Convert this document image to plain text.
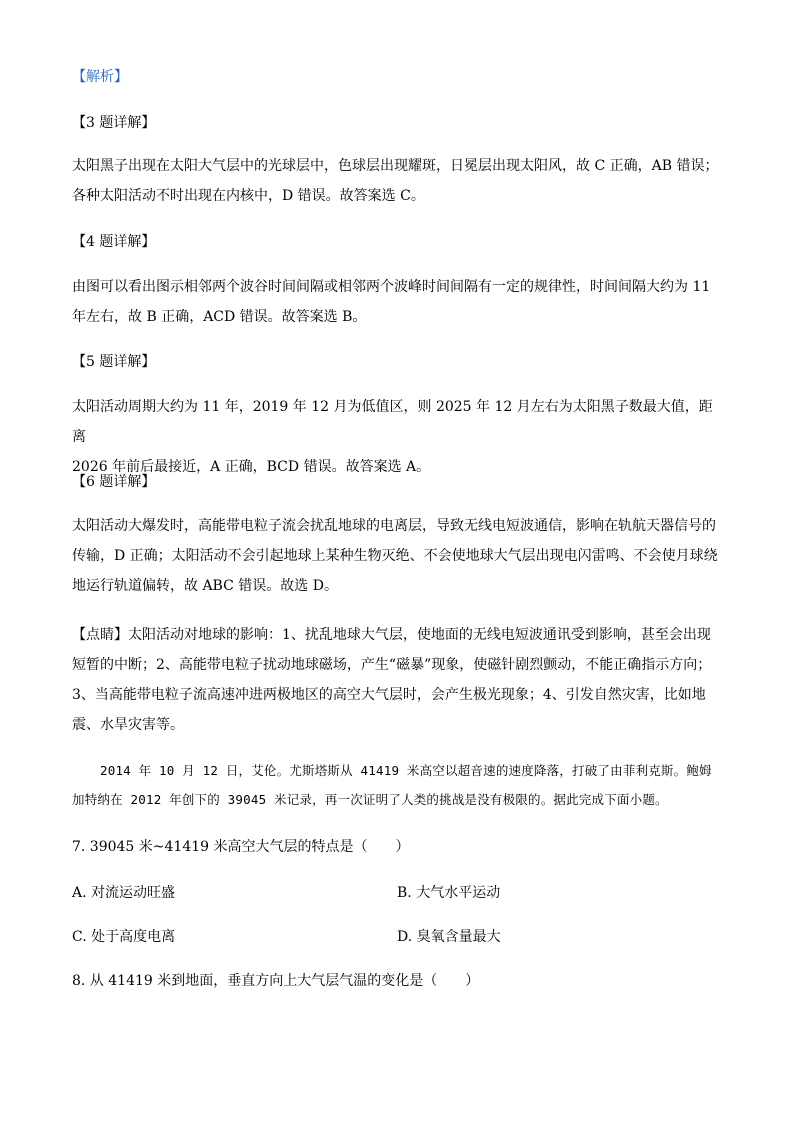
【解析】
【3 题详解】
太阳黑子出现在太阳大气层中的光球层中，色球层出现耀斑，日冕层出现太阳风，故 C 正确，AB 错误；
各种太阳活动不时出现在内核中，D 错误。故答案选 C。
【4 题详解】
由图可以看出图示相邻两个波谷时间间隔或相邻两个波峰时间间隔有一定的规律性，时间间隔大约为 11
年左右，故 B 正确，ACD 错误。故答案选 B。
【5 题详解】
太阳活动周期大约为 11 年，2019 年 12 月为低值区，则 2025 年 12 月左右为太阳黑子数最大值，距离
2026 年前后最接近，A 正确，BCD 错误。故答案选 A。
【6 题详解】
太阳活动大爆发时，高能带电粒子流会扰乱地球的电离层，导致无线电短波通信，影响在轨航天器信号的
传输，D 正确；太阳活动不会引起地球上某种生物灭绝、不会使地球大气层出现电闪雷鸣、不会使月球绕
地运行轨道偏转，故 ABC 错误。故选 D。
【点睛】太阳活动对地球的影响：1、扰乱地球大气层，使地面的无线电短波通讯受到影响，甚至会出现
短暂的中断；2、高能带电粒子扰动地球磁场，产生“磁暴”现象，使磁针剧烈颤动，不能正确指示方向；
3、当高能带电粒子流高速冲进两极地区的高空大气层时，会产生极光现象；4、引发自然灾害，比如地
震、水旱灾害等。
2014 年 10 月 12 日，艾伦。尤斯塔斯从 41419 米高空以超音速的速度降落，打破了由菲利克斯。鲍姆
加特纳在 2012 年创下的 39045 米记录，再一次证明了人类的挑战是没有极限的。据此完成下面小题。
7. 39045 米~41419 米高空大气层的特点是（　　）
A. 对流运动旺盛	B. 大气水平运动
C. 处于高度电离	D. 臭氧含量最大
8. 从 41419 米到地面，垂直方向上大气层气温的变化是（　　）
